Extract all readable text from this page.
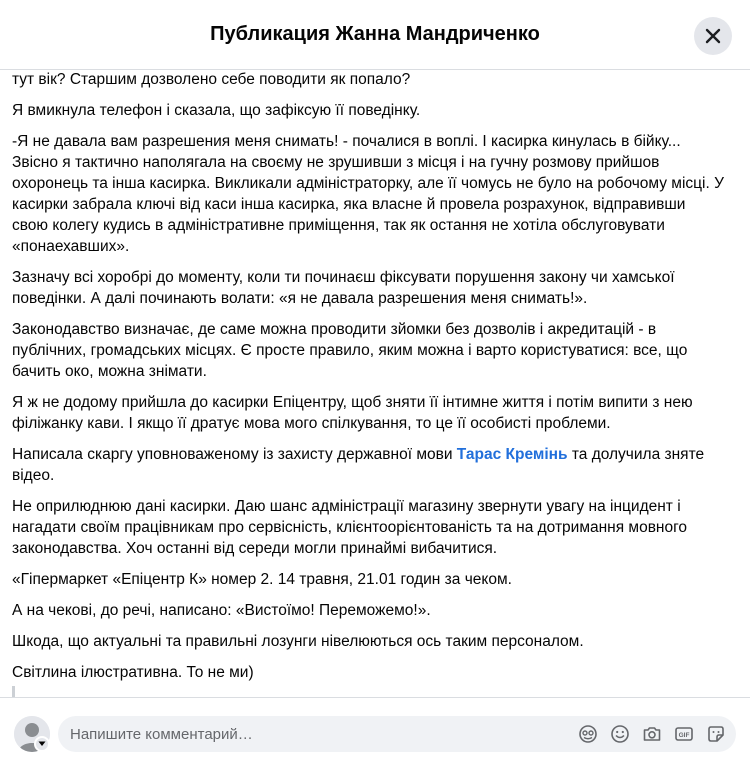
Публикация Жанна Мандриченко

тут вік? Старшим дозволено себе поводити як попало?

Я вмикнула телефон і сказала, що зафіксую її поведінку.

-Я не давала вам разрешения меня снимать! - почалися в воплі. І касирка кинулась в бійку... Звісно я тактично наполягала на своєму не зрушивши з місця і на гучну розмову прийшов охоронець та інша касирка. Викликали адміністраторку, але її чомусь не було на робочому місці. У касирки забрала ключі від каси інша касирка, яка власне й провела розрахунок, відправивши свою колегу кудись в адміністративне приміщення, так як остання не хотіла обслуговувати «понаехавших».

Зазначу всі хоробрі до моменту, коли ти починаєш фіксувати порушення закону чи хамської поведінки. А далі починають волати: «я не давала разрешения меня снимать!».

Законодавство визначає, де саме можна проводити зйомки без дозволів і акредитацій - в публічних, громадських місцях. Є просте правило, яким можна і варто користуватися: все, що бачить око, можна знімати.

Я ж не додому прийшла до касирки Епіцентру, щоб зняти її інтимне життя і потім випити з нею філіжанку кави. І якщо її дратує мова мого спілкування, то це її особисті проблеми.

Написала скаргу уповноваженому із захисту державної мови Тарас Кремінь та долучила зняте відео.

Не оприлюднюю дані касирки. Даю шанс адміністрації магазину звернути увагу на інцидент і нагадати своїм працівникам про сервісність, клієнтоорієнтованість та на дотримання мовного законодавства. Хоч останні від середи могли принаймі вибачитися.

«Гіпермаркет «Епіцентр К» номер 2. 14 травня, 21.01 годин за чеком.

А на чекові, до речі, написано: «Вистоїмо! Переможемо!».

Шкода, що актуальні та правильні лозунги нівелюються ось таким персоналом.

Світлина ілюстративна. То не ми)

Напишите комментарий…
GIF
